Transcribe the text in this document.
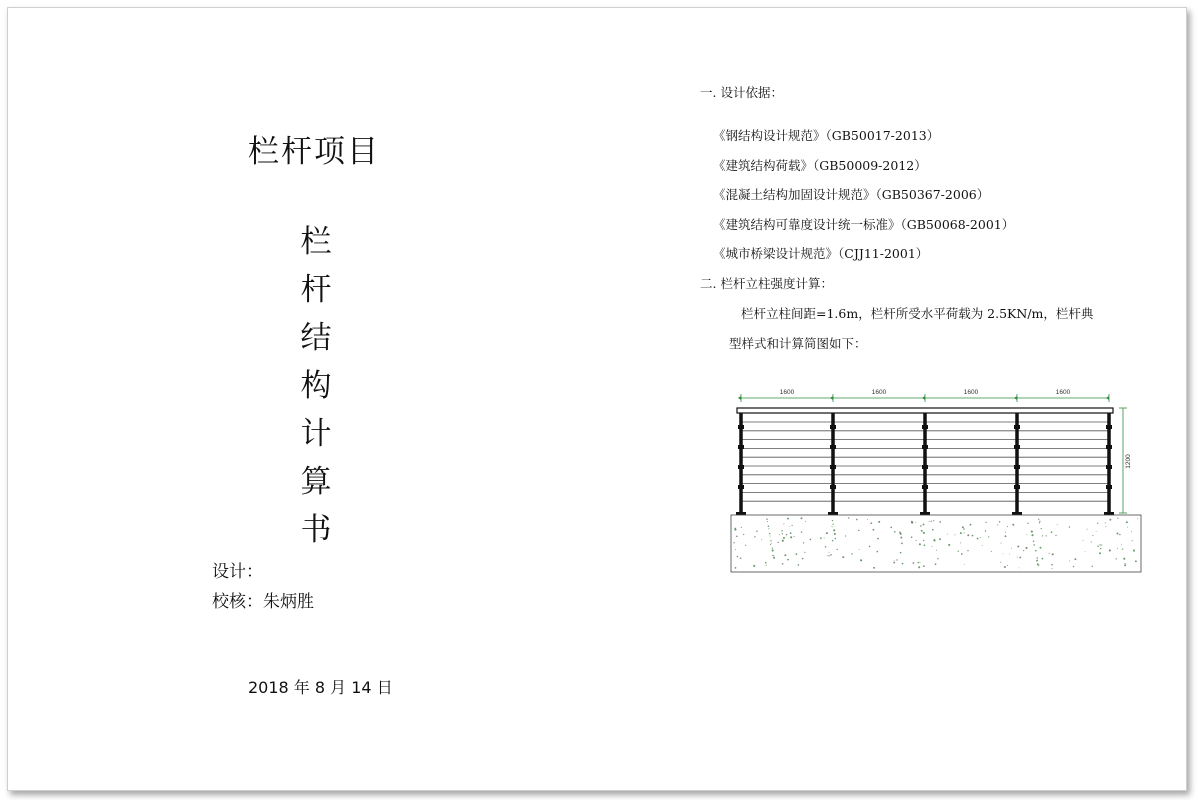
栏杆项目
栏
杆
结
构
计
算
书
设计：
校核：朱炳胜
2018 年 8 月 14 日
一. 设计依据：
《钢结构设计规范》（GB50017-2013）
《建筑结构荷载》（GB50009-2012）
《混凝土结构加固设计规范》（GB50367-2006）
《建筑结构可靠度设计统一标准》（GB50068-2001）
《城市桥梁设计规范》（CJJ11-2001）
二. 栏杆立柱强度计算：
栏杆立柱间距=1.6m，栏杆所受水平荷载为 2.5KN/m，栏杆典
型样式和计算简图如下：
1600	1600	1600	1600
1200
